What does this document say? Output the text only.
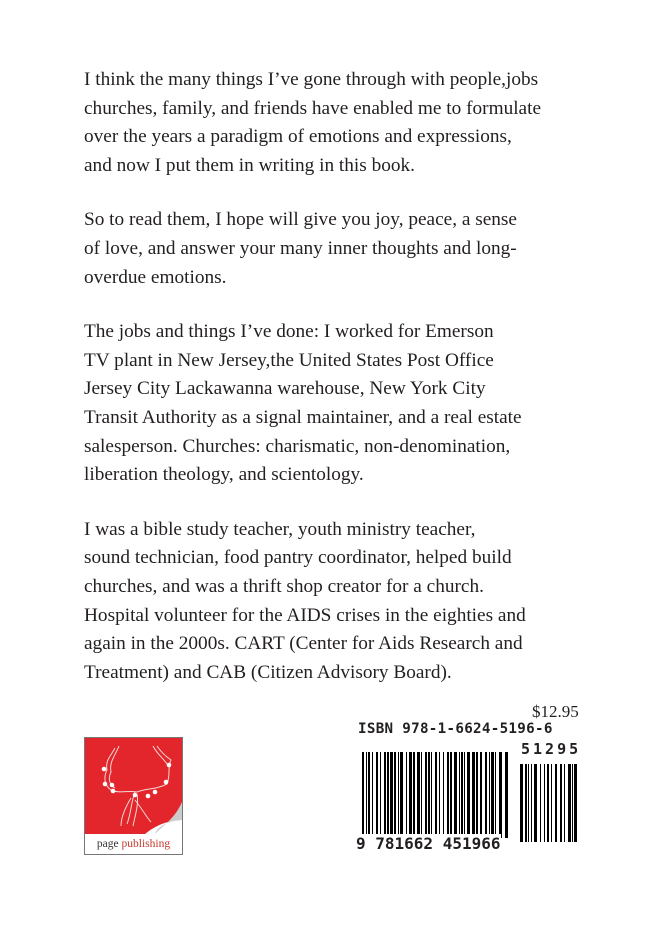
I think the many things I’ve gone through with people,jobs
churches, family, and friends have enabled me to formulate
over the years a paradigm of emotions and expressions,
and now I put them in writing in this book.
So to read them, I hope will give you joy, peace, a sense
of love, and answer your many inner thoughts and long-
overdue emotions.
The jobs and things I’ve done: I worked for Emerson
TV plant in New Jersey,the United States Post Office
Jersey City Lackawanna warehouse, New York City
Transit Authority as a signal maintainer, and a real estate
salesperson. Churches: charismatic, non-denomination,
liberation theology, and scientology.
I was a bible study teacher, youth ministry teacher,
sound technician, food pantry coordinator, helped build
churches, and was a thrift shop creator for a church.
Hospital volunteer for the AIDS crises in the eighties and
again in the 2000s. CART (Center for Aids Research and
Treatment) and CAB (Citizen Advisory Board).
page publishing
$12.95
ISBN 978-1-6624-5196-6
51295
9 781662 451966
